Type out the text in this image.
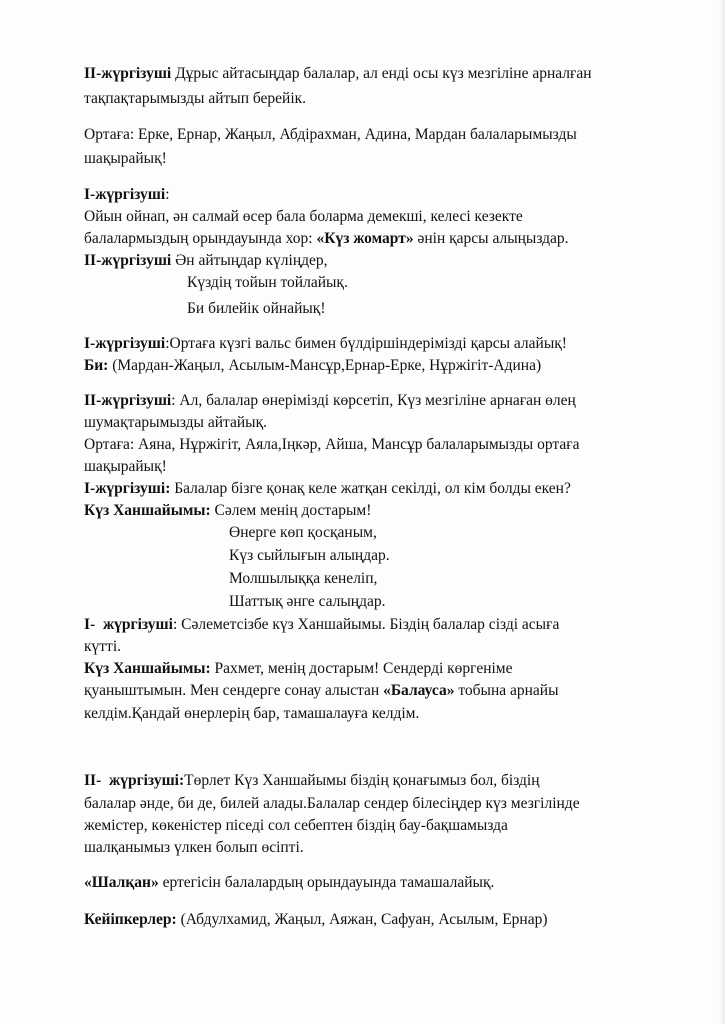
ІІ-жүргізуші Дұрыс айтасыңдар балалар, ал енді осы күз мезгіліне арналған
тақпақтарымызды айтып берейік.
Ортаға: Ерке, Ернар, Жаңыл, Абдірахман, Адина, Мардан балаларымызды
шақырайық!
І-жүргізуші:
Ойын ойнап, ән салмай өсер бала боларма демекші, келесі кезекте
балалармыздың орындауында хор: «Күз жомарт» әнін қарсы алыңыздар.
ІІ-жүргізуші Ән айтыңдар күліңдер,
Күздің тойын тойлайық.
Би билейік ойнайық!
І-жүргізуші:Ортаға күзгі вальс бимен бүлдіршіндерімізді қарсы алайық!
Би: (Мардан-Жаңыл, Асылым-Мансұр,Ернар-Ерке, Нұржігіт-Адина)
ІІ-жүргізуші: Ал, балалар өнерімізді көрсетіп, Күз мезгіліне арнаған өлең
шумақтарымызды айтайық.
Ортаға: Аяна, Нұржігіт, Аяла,Іңкәр, Айша, Мансұр балаларымызды ортаға
шақырайық!
І-жүргізуші: Балалар бізге қонақ келе жатқан секілді, ол кім болды екен?
Күз Ханшайымы: Сәлем менің достарым!
Өнерге көп қосқаным,
Күз сыйлығын алыңдар.
Молшылыққа кенеліп,
Шаттық әнге салыңдар.
І-  жүргізуші: Сәлеметсізбе күз Ханшайымы. Біздің балалар сізді асыға
күтті.
Күз Ханшайымы: Рахмет, менің достарым! Сендерді көргеніме
қуаныштымын. Мен сендерге сонау алыстан «Балауса» тобына арнайы
келдім.Қандай өнерлерің бар, тамашалауға келдім.
ІІ-  жүргізуші:Төрлет Күз Ханшайымы біздің қонағымыз бол, біздің
балалар әнде, би де, билей алады.Балалар сендер білесіңдер күз мезгілінде
жемістер, көкеністер піседі сол себептен біздің бау-бақшамызда
шалқанымыз үлкен болып өсіпті.
«Шалқан» ертегісін балалардың орындауында тамашалайық.
Кейіпкерлер: (Абдулхамид, Жаңыл, Аяжан, Сафуан, Асылым, Ернар)
